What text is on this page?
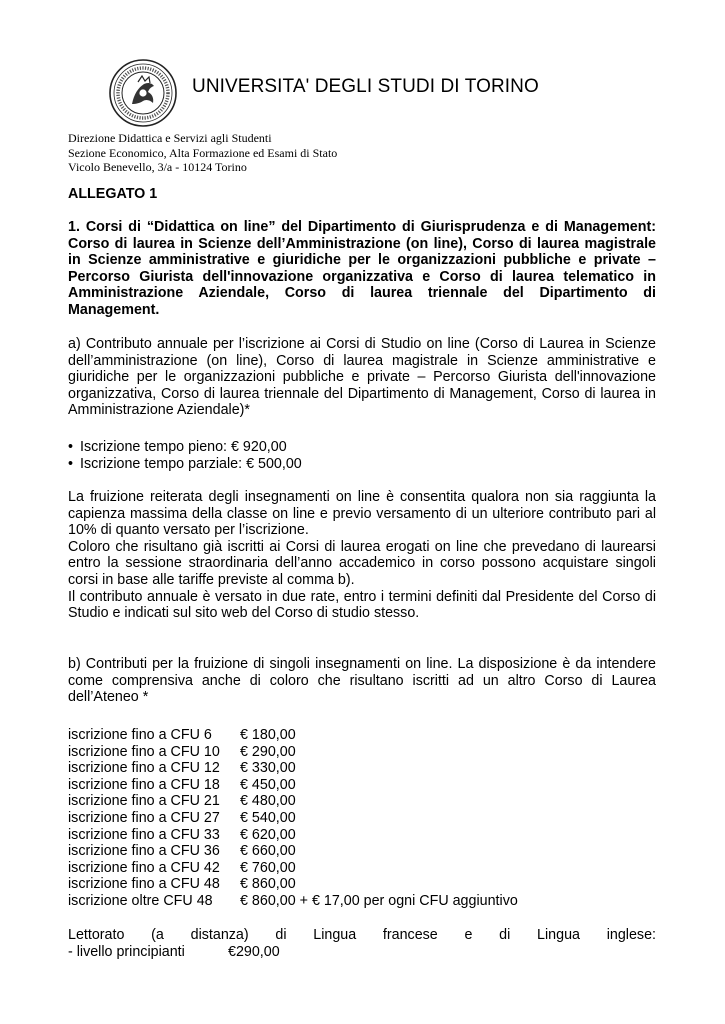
UNIVERSITA' DEGLI STUDI DI TORINO
Direzione Didattica e Servizi agli Studenti
Sezione Economico, Alta Formazione ed Esami di Stato
Vicolo Benevello, 3/a - 10124 Torino
ALLEGATO 1
1. Corsi di “Didattica on line” del Dipartimento di Giurisprudenza e di Management:
Corso di laurea in Scienze dell’Amministrazione (on line), Corso di laurea magistrale
in Scienze amministrative e giuridiche per le organizzazioni pubbliche e private –
Percorso Giurista dell'innovazione organizzativa e Corso di laurea telematico in
Amministrazione Aziendale, Corso di laurea triennale del Dipartimento di
Management.
a) Contributo annuale per l’iscrizione ai Corsi di Studio on line (Corso di Laurea in Scienze
dell’amministrazione (on line), Corso di laurea magistrale in Scienze amministrative e
giuridiche per le organizzazioni pubbliche e private – Percorso Giurista dell'innovazione
organizzativa, Corso di laurea triennale del Dipartimento di Management, Corso di laurea in
Amministrazione Aziendale)*
• Iscrizione tempo pieno: € 920,00
• Iscrizione tempo parziale: € 500,00
La fruizione reiterata degli insegnamenti on line è consentita qualora non sia raggiunta la
capienza massima della classe on line e previo versamento di un ulteriore contributo pari al
10% di quanto versato per l’iscrizione.
Coloro che risultano già iscritti ai Corsi di laurea erogati on line che prevedano di laurearsi
entro la sessione straordinaria dell’anno accademico in corso possono acquistare singoli
corsi in base alle tariffe previste al comma b).
Il contributo annuale è versato in due rate, entro i termini definiti dal Presidente del Corso di
Studio e indicati sul sito web del Corso di studio stesso.
b) Contributi per la fruizione di singoli insegnamenti on line. La disposizione è da intendere
come comprensiva anche di coloro che risultano iscritti ad un altro Corso di Laurea
dell’Ateneo *
iscrizione fino a CFU 6	€ 180,00
iscrizione fino a CFU 10	€ 290,00
iscrizione fino a CFU 12	€ 330,00
iscrizione fino a CFU 18	€ 450,00
iscrizione fino a CFU 21	€ 480,00
iscrizione fino a CFU 27	€ 540,00
iscrizione fino a CFU 33	€ 620,00
iscrizione fino a CFU 36	€ 660,00
iscrizione fino a CFU 42	€ 760,00
iscrizione fino a CFU 48	€ 860,00
iscrizione oltre CFU 48	€ 860,00 + € 17,00 per ogni CFU aggiuntivo
Lettorato (a distanza) di Lingua francese e di Lingua inglese:
- livello principianti	€290,00
